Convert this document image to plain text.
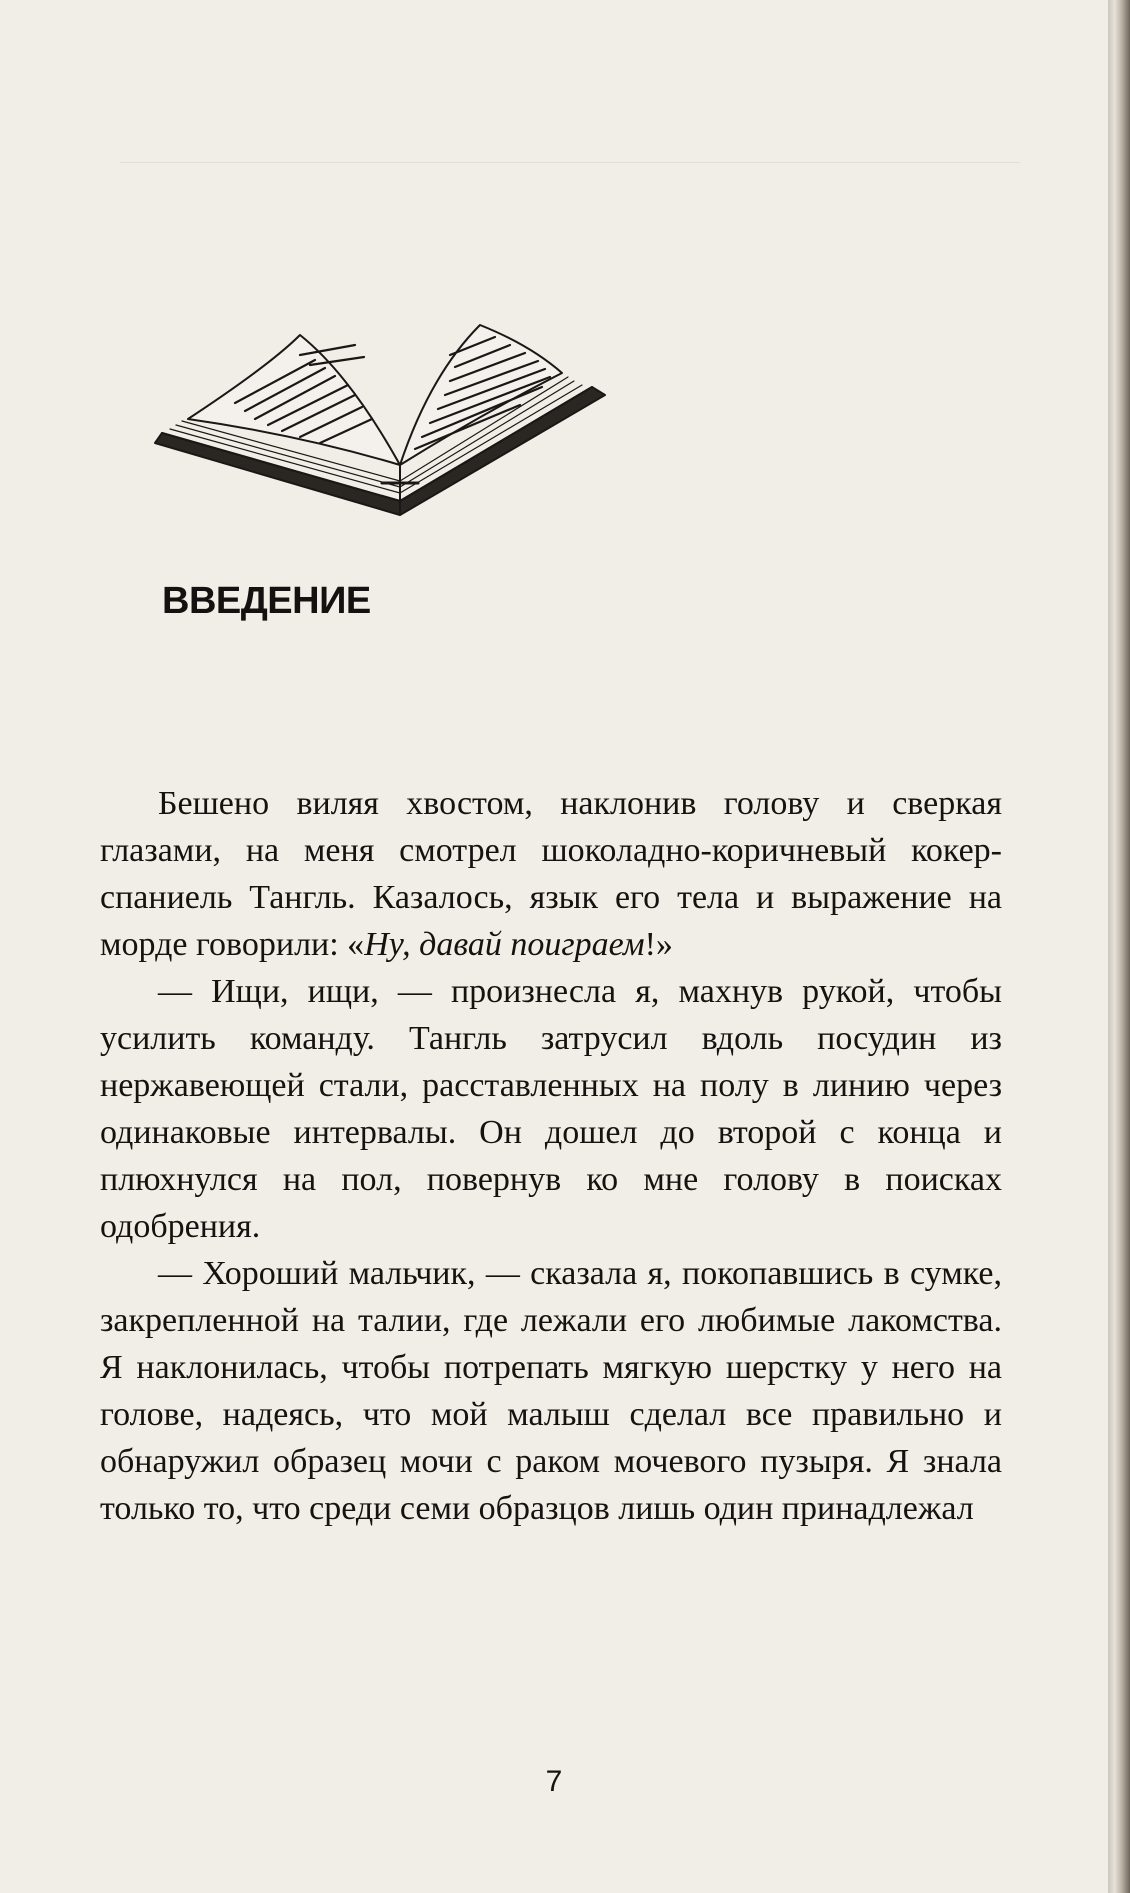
ВВЕДЕНИЕ

Бешено виляя хвостом, наклонив голову и сверкая глазами, на меня смотрел шоколадно-коричневый кокер-спаниель Тангль. Казалось, язык его тела и выражение на морде говорили: «Ну, давай поиграем!»

— Ищи, ищи, — произнесла я, махнув рукой, чтобы усилить команду. Тангль затрусил вдоль посудин из нержавеющей стали, расставленных на полу в линию через одинаковые интервалы. Он дошел до второй с конца и плюхнулся на пол, повернув ко мне голову в поисках одобрения.

— Хороший мальчик, — сказала я, покопавшись в сумке, закрепленной на талии, где лежали его любимые лакомства. Я наклонилась, чтобы потрепать мягкую шерстку у него на голове, надеясь, что мой малыш сделал все правильно и обнаружил образец мочи с раком мочевого пузыря. Я знала только то, что среди семи образцов лишь один принадлежал

7
